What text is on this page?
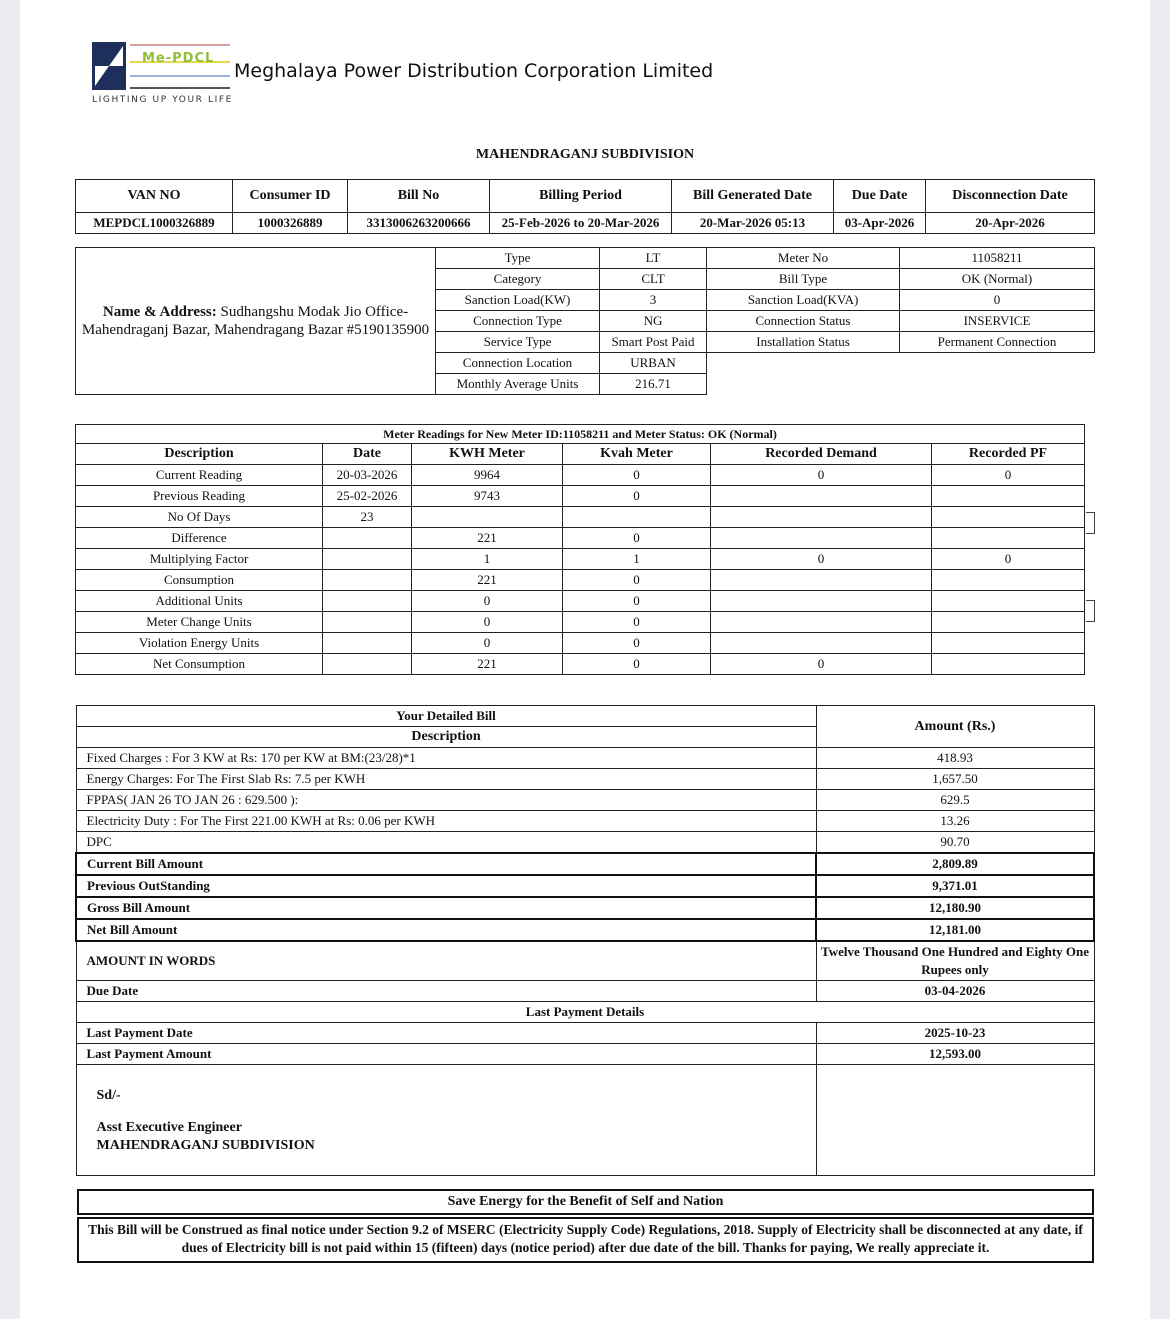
Me-PDCL
LIGHTING UP YOUR LIFE
Meghalaya Power Distribution Corporation Limited
MAHENDRAGANJ SUBDIVISION
VAN NO	Consumer ID	Bill No	Billing Period	Bill Generated Date	Due Date	Disconnection Date
MEPDCL1000326889	1000326889	3313006263200666	25-Feb-2026 to 20-Mar-2026	20-Mar-2026 05:13	03-Apr-2026	20-Apr-2026
Name & Address: Sudhangshu Modak Jio Office-Mahendraganj Bazar, Mahendragang Bazar #5190135900	Type	LT	Meter No	11058211
	Category	CLT	Bill Type	OK (Normal)
	Sanction Load(KW)	3	Sanction Load(KVA)	0
	Connection Type	NG	Connection Status	INSERVICE
	Service Type	Smart Post Paid	Installation Status	Permanent Connection
	Connection Location	URBAN		
	Monthly Average Units	216.71		
Meter Readings for New Meter ID:11058211 and Meter Status: OK (Normal)					
Description	Date	KWH Meter	Kvah Meter	Recorded Demand	Recorded PF
Current Reading	20-03-2026	9964	0	0	0
Previous Reading	25-02-2026	9743	0		
No Of Days	23				
Difference		221	0		
Multiplying Factor		1	1	0	0
Consumption		221	0		
Additional Units		0	0		
Meter Change Units		0	0		
Violation Energy Units		0	0		
Net Consumption		221	0	0	
Your Detailed Bill	Amount (Rs.)
Description	
Fixed Charges : For 3 KW at Rs: 170 per KW at BM:(23/28)*1	418.93
Energy Charges: For The First Slab Rs: 7.5 per KWH	1,657.50
FPPAS( JAN 26 TO JAN 26 : 629.500 ):	629.5
Electricity Duty : For The First 221.00 KWH at Rs: 0.06 per KWH	13.26
DPC	90.70
Current Bill Amount	2,809.89
Previous OutStanding	9,371.01
Gross Bill Amount	12,180.90
Net Bill Amount	12,181.00
AMOUNT IN WORDS	Twelve Thousand One Hundred and Eighty One Rupees only
Due Date	03-04-2026
Last Payment Details	
Last Payment Date	2025-10-23
Last Payment Amount	12,593.00

Sd/-
Asst Executive Engineer
MAHENDRAGANJ SUBDIVISION	

Save Energy for the Benefit of Self and Nation
This Bill will be Construed as final notice under Section 9.2 of MSERC (Electricity Supply Code) Regulations, 2018. Supply of Electricity shall be disconnected at any date, if dues of Electricity bill is not paid within 15 (fifteen) days (notice period) after due date of the bill. Thanks for paying, We really appreciate it.
